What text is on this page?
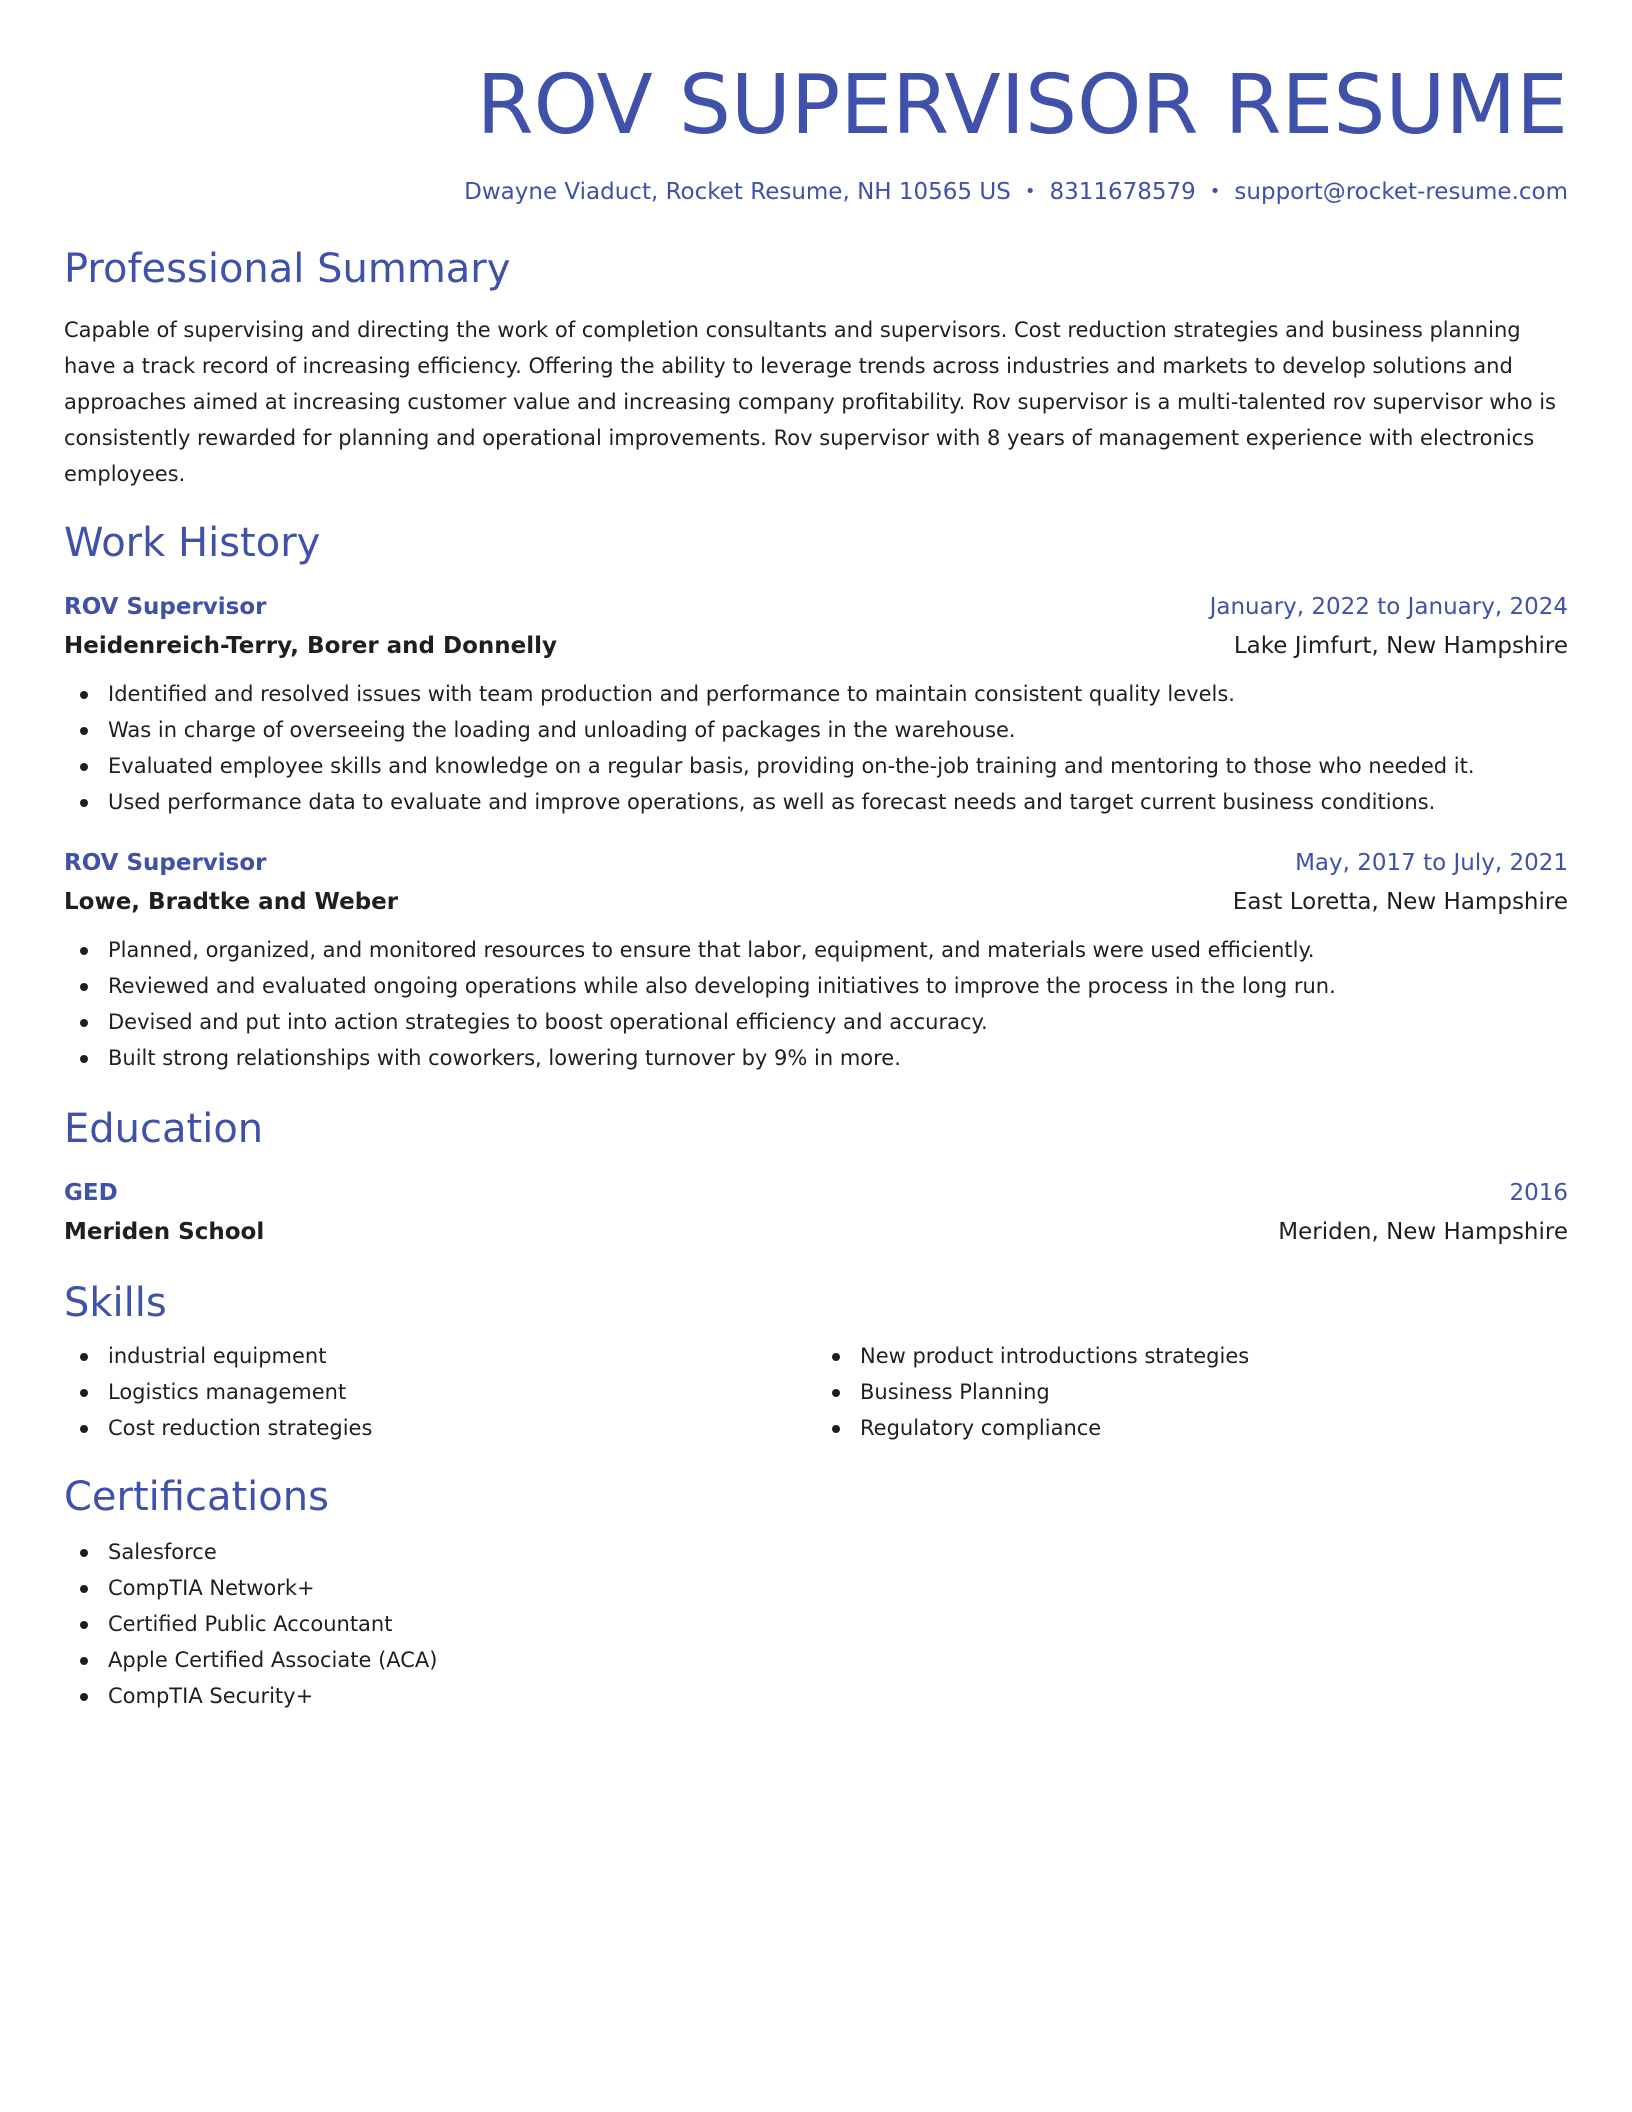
ROV SUPERVISOR RESUME
Dwayne Viaduct, Rocket Resume, NH 10565 US • 8311678579 • support@rocket-resume.com
Professional Summary
Capable of supervising and directing the work of completion consultants and supervisors. Cost reduction strategies and business planning have a track record of increasing efficiency. Offering the ability to leverage trends across industries and markets to develop solutions and approaches aimed at increasing customer value and increasing company profitability. Rov supervisor is a multi-talented rov supervisor who is consistently rewarded for planning and operational improvements. Rov supervisor with 8 years of management experience with electronics employees.
Work History
ROV Supervisor	January, 2022 to January, 2024
Heidenreich-Terry, Borer and Donnelly	Lake Jimfurt, New Hampshire
Identified and resolved issues with team production and performance to maintain consistent quality levels.
Was in charge of overseeing the loading and unloading of packages in the warehouse.
Evaluated employee skills and knowledge on a regular basis, providing on-the-job training and mentoring to those who needed it.
Used performance data to evaluate and improve operations, as well as forecast needs and target current business conditions.
ROV Supervisor	May, 2017 to July, 2021
Lowe, Bradtke and Weber	East Loretta, New Hampshire
Planned, organized, and monitored resources to ensure that labor, equipment, and materials were used efficiently.
Reviewed and evaluated ongoing operations while also developing initiatives to improve the process in the long run.
Devised and put into action strategies to boost operational efficiency and accuracy.
Built strong relationships with coworkers, lowering turnover by 9% in more.
Education
GED	2016
Meriden School	Meriden, New Hampshire
Skills
industrial equipment
Logistics management
Cost reduction strategies
New product introductions strategies
Business Planning
Regulatory compliance
Certifications
Salesforce
CompTIA Network+
Certified Public Accountant
Apple Certified Associate (ACA)
CompTIA Security+
